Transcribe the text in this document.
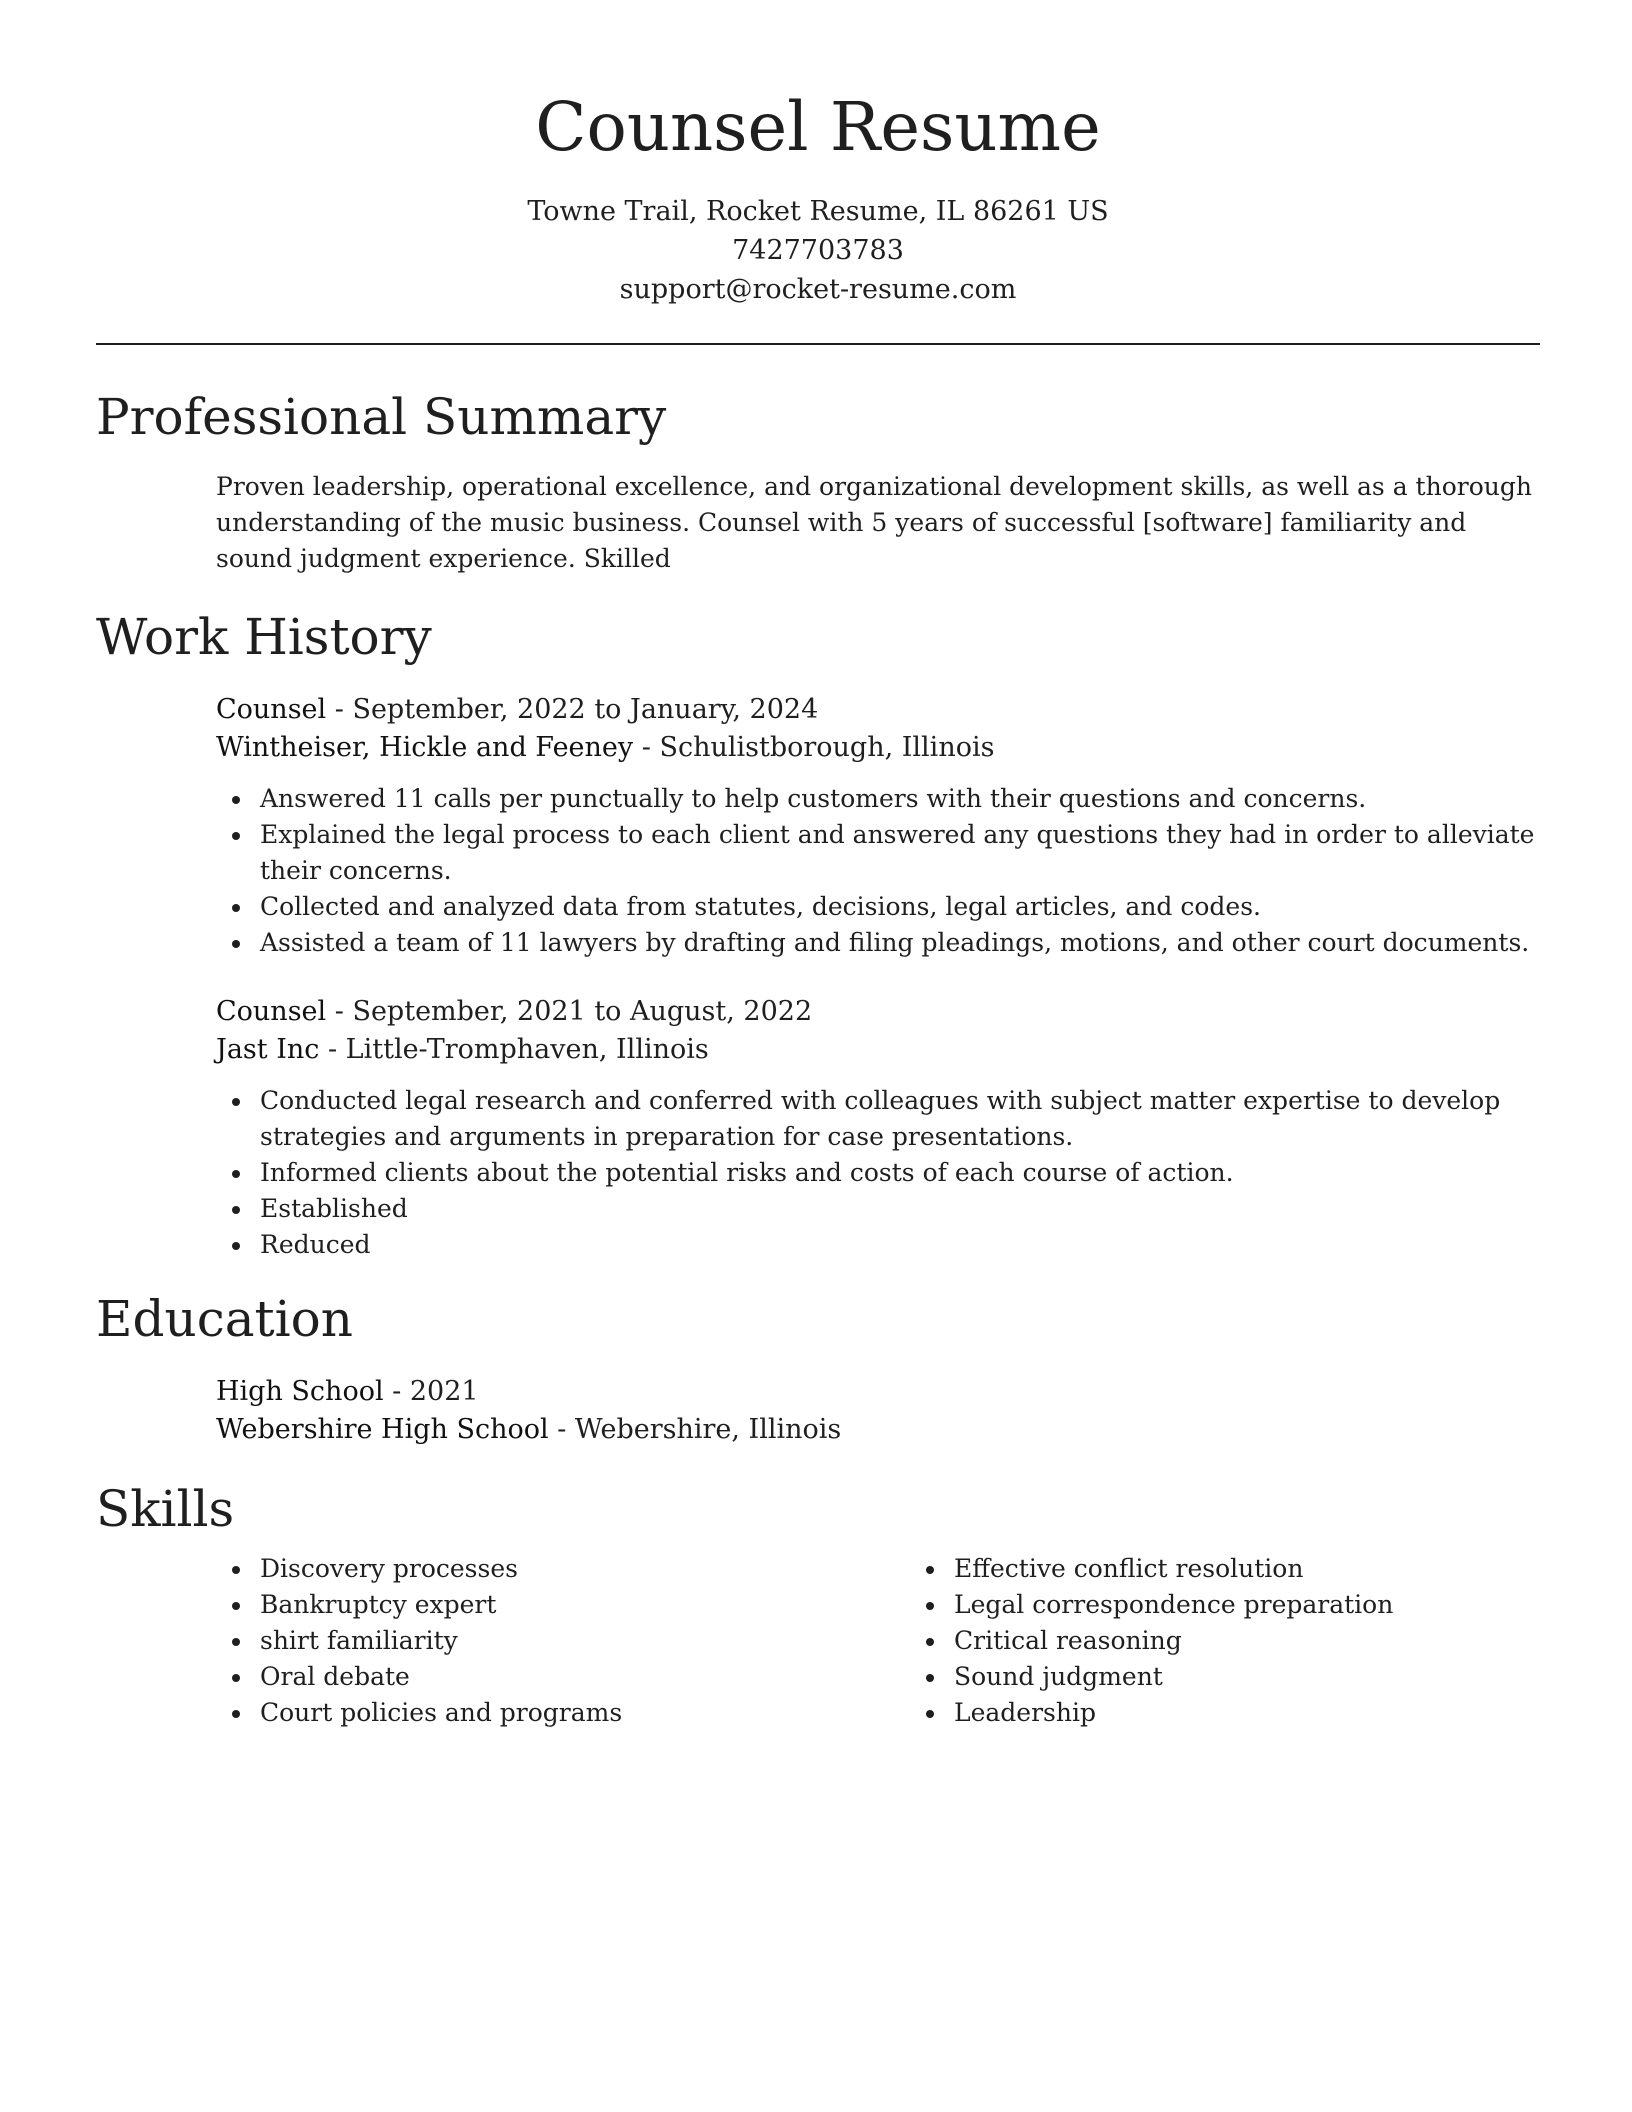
Counsel Resume
Towne Trail, Rocket Resume, IL 86261 US
7427703783
support@rocket-resume.com
Professional Summary
Proven leadership, operational excellence, and organizational development skills, as well as a thorough understanding of the music business. Counsel with 5 years of successful [software] familiarity and sound judgment experience. Skilled
Work History
Counsel - September, 2022 to January, 2024
Wintheiser, Hickle and Feeney - Schulistborough, Illinois
Answered 11 calls per punctually to help customers with their questions and concerns.
Explained the legal process to each client and answered any questions they had in order to alleviate their concerns.
Collected and analyzed data from statutes, decisions, legal articles, and codes.
Assisted a team of 11 lawyers by drafting and filing pleadings, motions, and other court documents.
Counsel - September, 2021 to August, 2022
Jast Inc - Little-Tromphaven, Illinois
Conducted legal research and conferred with colleagues with subject matter expertise to develop strategies and arguments in preparation for case presentations.
Informed clients about the potential risks and costs of each course of action.
Established
Reduced
Education
High School - 2021
Webershire High School - Webershire, Illinois
Skills
Discovery processes
Bankruptcy expert
shirt familiarity
Oral debate
Court policies and programs
Effective conflict resolution
Legal correspondence preparation
Critical reasoning
Sound judgment
Leadership
